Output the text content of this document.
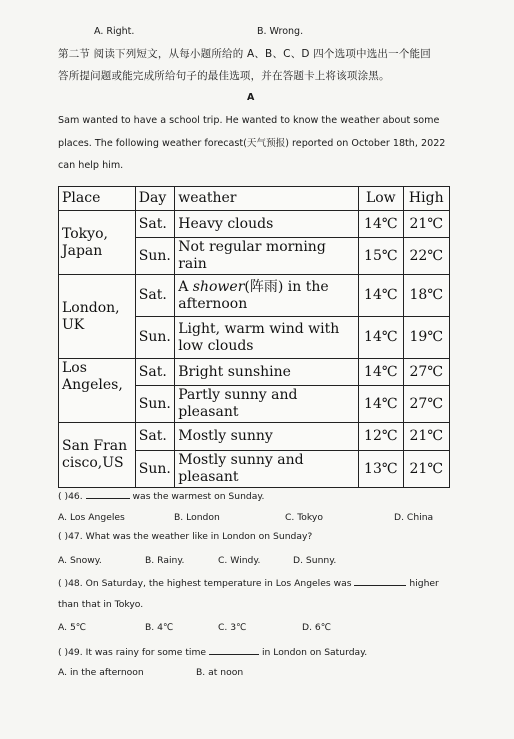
A. Right.	B. Wrong.
第二节 阅读下列短文，从每小题所给的 A、B、C、D 四个选项中选出一个能回
答所提问题或能完成所给句子的最佳选项，并在答题卡上将该项涂黑。
A
Sam wanted to have a school trip. He wanted to know the weather about some
places. The following weather forecast(天气预报) reported on October 18th, 2022
can help him.
Place	Day	weather	Low	High
Tokyo, Japan	Sat.	Heavy clouds	14℃	21℃
	Sun.	Not regular morning rain	15℃	22℃
London, UK	Sat.	A shower(阵雨) in the afternoon	14℃	18℃
	Sun.	Light, warm wind with low clouds	14℃	19℃
Los Angeles,	Sat.	Bright sunshine	14℃	27℃
	Sun.	Partly sunny and pleasant	14℃	27℃
San Francisco,US	Sat.	Mostly sunny	12℃	21℃
	Sun.	Mostly sunny and pleasant	13℃	21℃
( )46.	was the warmest on Sunday.
A. Los Angeles	B. London	C. Tokyo	D. China
( )47. What was the weather like in London on Sunday?
A. Snowy.	B. Rainy.	C. Windy.	D. Sunny.
( )48. On Saturday, the highest temperature in Los Angeles was	higher
than that in Tokyo.
A. 5℃	B. 4℃	C. 3℃	D. 6℃
( )49. It was rainy for some time	in London on Saturday.
A. in the afternoon	B. at noon
